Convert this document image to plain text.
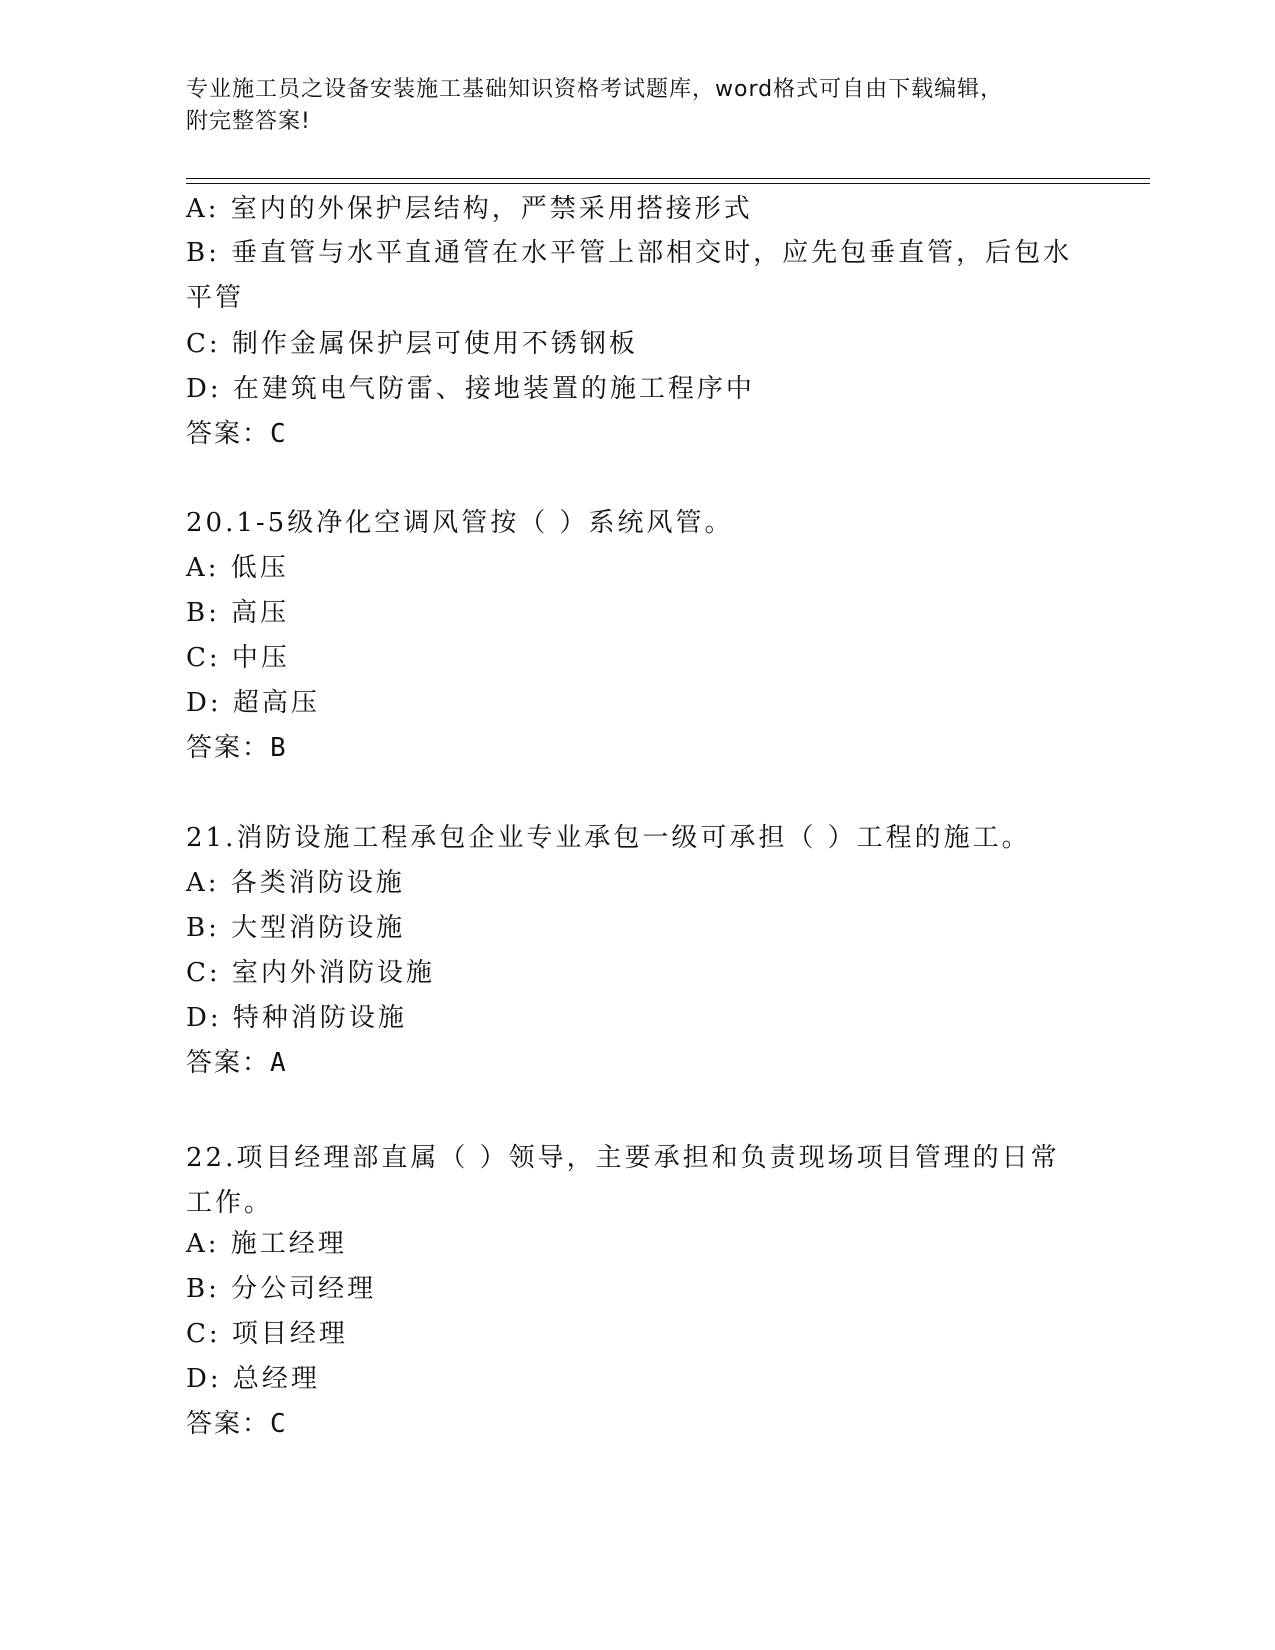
专业施工员之设备安装施工基础知识资格考试题库，word格式可自由下载编辑，
附完整答案!
A: 室内的外保护层结构，严禁采用搭接形式
B: 垂直管与水平直通管在水平管上部相交时，应先包垂直管，后包水平管
C: 制作金属保护层可使用不锈钢板
D: 在建筑电气防雷、接地装置的施工程序中
答案：C
20.1-5级净化空调风管按（ ）系统风管。
A: 低压
B: 高压
C: 中压
D: 超高压
答案：B
21.消防设施工程承包企业专业承包一级可承担（ ）工程的施工。
A: 各类消防设施
B: 大型消防设施
C: 室内外消防设施
D: 特种消防设施
答案：A
22.项目经理部直属（ ）领导，主要承担和负责现场项目管理的日常工作。
A: 施工经理
B: 分公司经理
C: 项目经理
D: 总经理
答案：C
